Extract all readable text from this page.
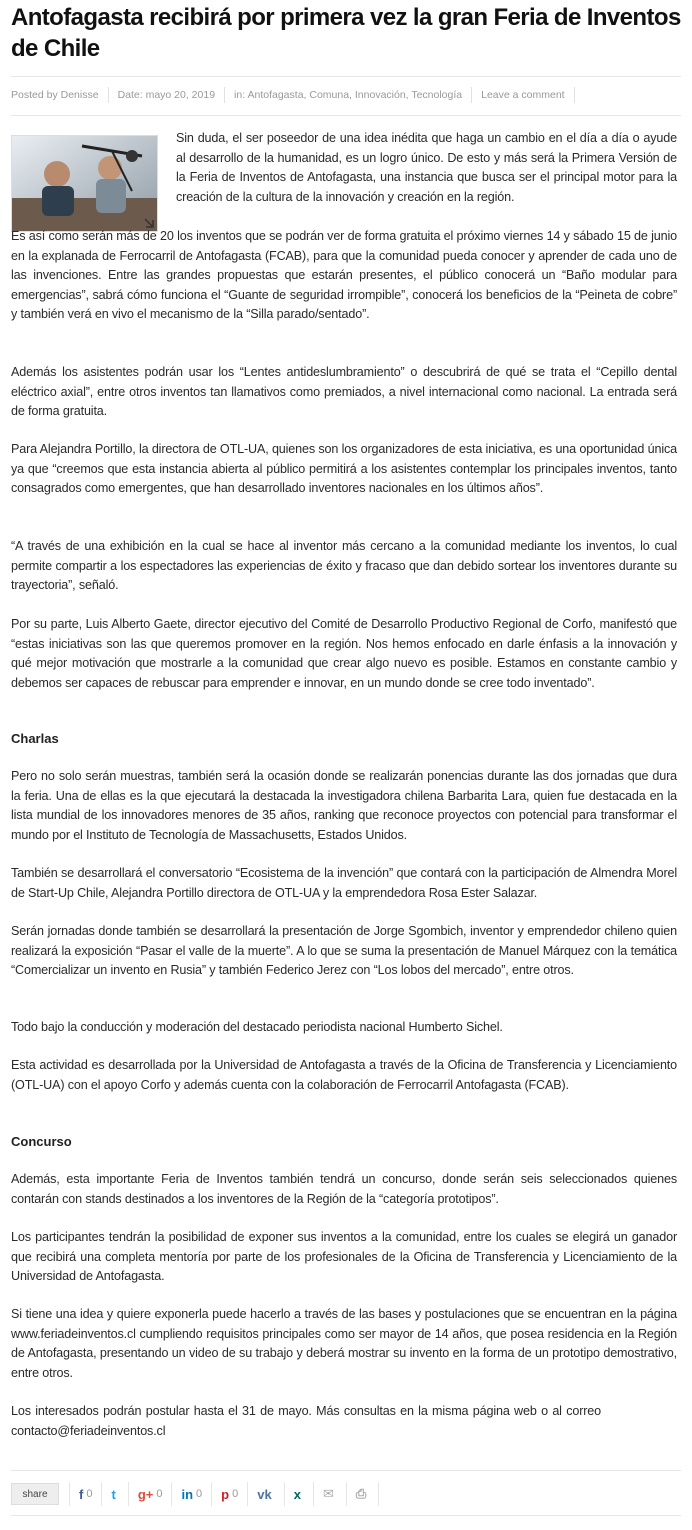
Antofagasta recibirá por primera vez la gran Feria de Inventos de Chile
Posted by Denisse Date: mayo 20, 2019 in: Antofagasta, Comuna, Innovación, Tecnología Leave a comment

Sin duda, el ser poseedor de una idea inédita que haga un cambio en el día a día o ayude al desarrollo de la humanidad, es un logro único. De esto y más será la Primera Versión de la Feria de Inventos de Antofagasta, una instancia que busca ser el principal motor para la creación de la cultura de la innovación y creación en la región.

Es así como serán más de 20 los inventos que se podrán ver de forma gratuita el próximo viernes 14 y sábado 15 de junio en la explanada de Ferrocarril de Antofagasta (FCAB), para que la comunidad pueda conocer y aprender de cada uno de las invenciones. Entre las grandes propuestas que estarán presentes, el público conocerá un “Baño modular para emergencias”, sabrá cómo funciona el “Guante de seguridad irrompible”, conocerá los beneficios de la “Peineta de cobre” y también verá en vivo el mecanismo de la “Silla parado/sentado”.

Además los asistentes podrán usar los “Lentes antideslumbramiento” o descubrirá de qué se trata el “Cepillo dental eléctrico axial”, entre otros inventos tan llamativos como premiados, a nivel internacional como nacional. La entrada será de forma gratuita.

Para Alejandra Portillo, la directora de OTL-UA, quienes son los organizadores de esta iniciativa, es una oportunidad única ya que “creemos que esta instancia abierta al público permitirá a los asistentes contemplar los principales inventos, tanto consagrados como emergentes, que han desarrollado inventores nacionales en los últimos años”.

“A través de una exhibición en la cual se hace al inventor más cercano a la comunidad mediante los inventos, lo cual permite compartir a los espectadores las experiencias de éxito y fracaso que dan debido sortear los inventores durante su trayectoria”, señaló.

Por su parte, Luis Alberto Gaete, director ejecutivo del Comité de Desarrollo Productivo Regional de Corfo, manifestó que “estas iniciativas son las que queremos promover en la región. Nos hemos enfocado en darle énfasis a la innovación y qué mejor motivación que mostrarle a la comunidad que crear algo nuevo es posible. Estamos en constante cambio y debemos ser capaces de rebuscar para emprender e innovar, en un mundo donde se cree todo inventado”.

Charlas

Pero no solo serán muestras, también será la ocasión donde se realizarán ponencias durante las dos jornadas que dura la feria. Una de ellas es la que ejecutará la destacada la investigadora chilena Barbarita Lara, quien fue destacada en la lista mundial de los innovadores menores de 35 años, ranking que reconoce proyectos con potencial para transformar el mundo por el Instituto de Tecnología de Massachusetts, Estados Unidos.

También se desarrollará el conversatorio “Ecosistema de la invención” que contará con la participación de Almendra Morel de Start-Up Chile, Alejandra Portillo directora de OTL-UA y la emprendedora Rosa Ester Salazar.

Serán jornadas donde también se desarrollará la presentación de Jorge Sgombich, inventor y emprendedor chileno quien realizará la exposición “Pasar el valle de la muerte”. A lo que se suma la presentación de Manuel Márquez con la temática “Comercializar un invento en Rusia” y también Federico Jerez con “Los lobos del mercado”, entre otros.

Todo bajo la conducción y moderación del destacado periodista nacional Humberto Sichel.

Esta actividad es desarrollada por la Universidad de Antofagasta a través de la Oficina de Transferencia y Licenciamiento (OTL-UA) con el apoyo Corfo y además cuenta con la colaboración de Ferrocarril Antofagasta (FCAB).

Concurso

Además, esta importante Feria de Inventos también tendrá un concurso, donde serán seis seleccionados quienes contarán con stands destinados a los inventores de la Región de la “categoría prototipos”.

Los participantes tendrán la posibilidad de exponer sus inventos a la comunidad, entre los cuales se elegirá un ganador que recibirá una completa mentoría por parte de los profesionales de la Oficina de Transferencia y Licenciamiento de la Universidad de Antofagasta.

Si tiene una idea y quiere exponerla puede hacerlo a través de las bases y postulaciones que se encuentran en la página www.feriadeinventos.cl cumpliendo requisitos principales como ser mayor de 14 años, que posea residencia en la Región de Antofagasta, presentando un video de su trabajo y deberá mostrar su invento en la forma de un prototipo demostrativo, entre otros.

Los interesados podrán postular hasta el 31 de mayo. Más consultas en la misma página web o al correo contacto@feriadeinventos.cl

share	f 0 t g+ 0 in 0 p 0 vk x ✉ ⎙
